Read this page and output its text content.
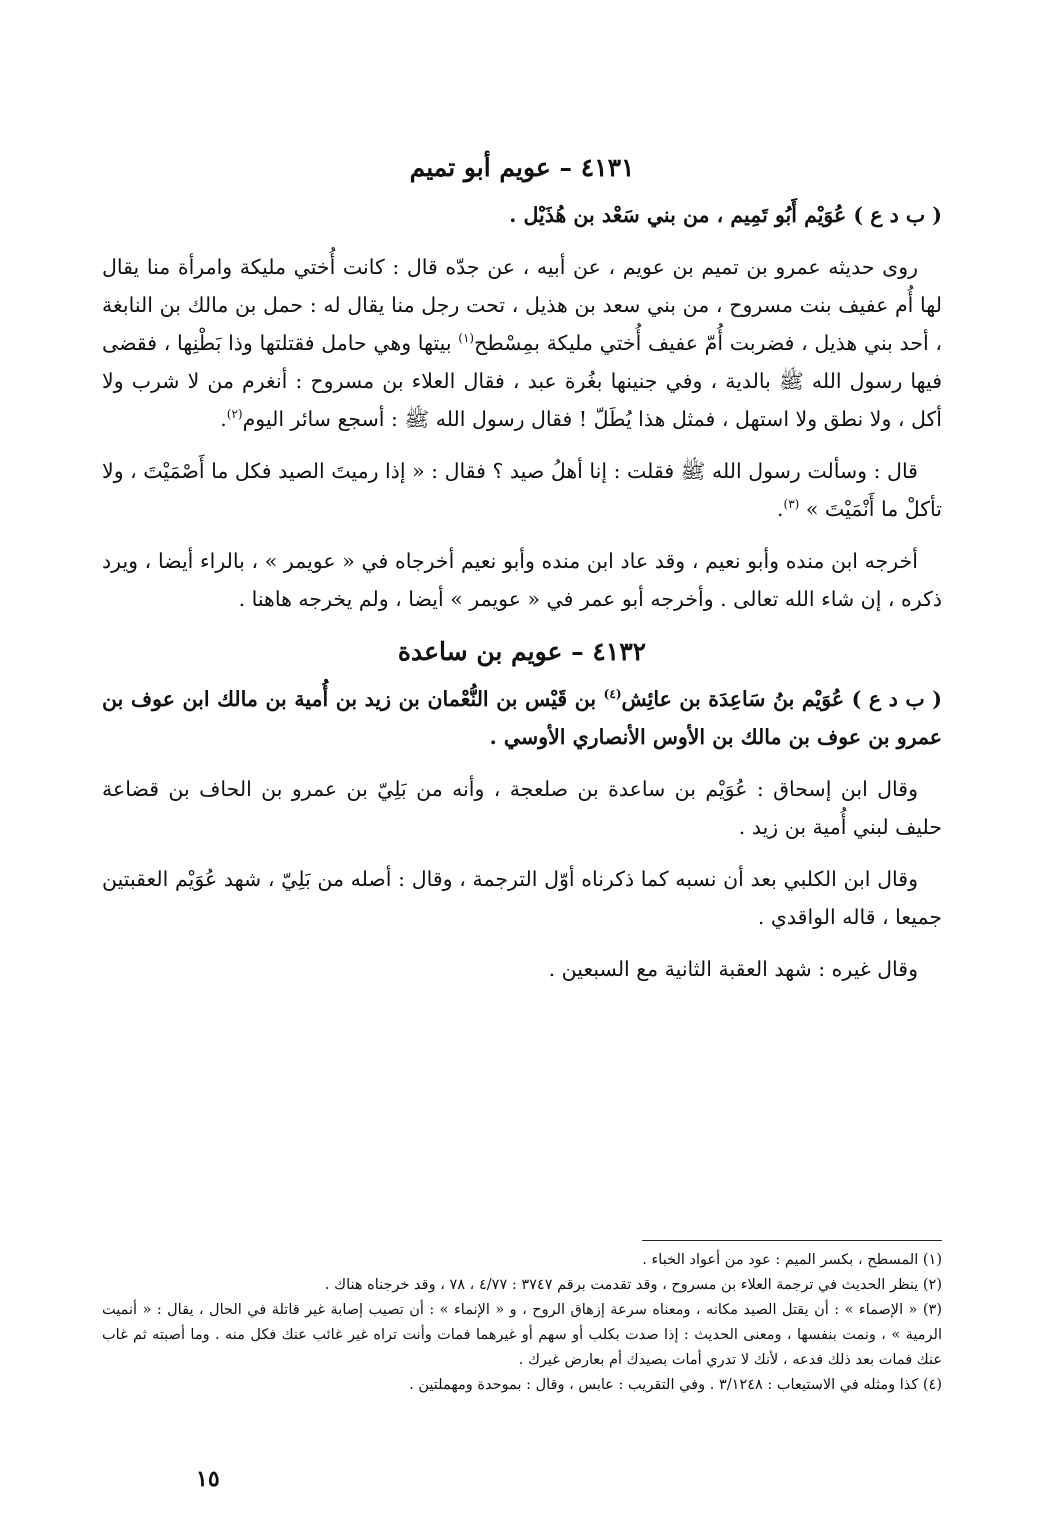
٤١٣١ – عويم أبو تميم

( ب د ع ) عُوَيْم أَبُو تَمِيم ، من بني سَعْد بن هُذَيْل .

روى حديثه عمرو بن تميم بن عويم ، عن أبيه ، عن جدّه قال : كانت أُختي مليكة وامرأة منا يقال لها أُم عفيف بنت مسروح ، من بني سعد بن هذيل ، تحت رجل منا يقال له : حمل بن مالك بن النابغة ، أحد بني هذيل ، فضربت أُمّ عفيف أُختي مليكة بمِسْطح$^{(١)}$ بيتها وهي حامل فقتلتها وذا بَطْنِها ، فقضى فيها رسول الله ﷺ بالدية ، وفي جنينها بغُرة عبد ، فقال العلاء بن مسروح : أنغرم من لا شرب ولا أكل ، ولا نطق ولا استهل ، فمثل هذا يُطَلّ ! فقال رسول الله ﷺ : أسجع سائر اليوم$^{(٢)}$.

قال : وسألت رسول الله ﷺ فقلت : إنا أهلُ صيد ؟ فقال : « إذا رميتَ الصيد فكل ما أَصْمَيْتَ ، ولا تأكلْ ما أَنْمَيْتَ » $^{(٣)}$.

أخرجه ابن منده وأبو نعيم ، وقد عاد ابن منده وأبو نعيم أخرجاه في « عويمر » ، بالراء أيضا ، ويرد ذكره ، إن شاء الله تعالى . وأخرجه أبو عمر في « عويمر » أيضا ، ولم يخرجه هاهنا .

٤١٣٢ – عويم بن ساعدة

( ب د ع ) عُوَيْم بنُ سَاعِدَة بن عائِش$^{(٤)}$ بن قَيْس بن النُّعْمان بن زيد بن أُمية بن مالك ابن عوف بن عمرو بن عوف بن مالك بن الأوس الأنصاري الأوسي .

وقال ابن إسحاق : عُوَيْم بن ساعدة بن صلعجة ، وأنه من بَلِيّ بن عمرو بن الحاف بن قضاعة حليف لبني أُمية بن زيد .

وقال ابن الكلبي بعد أن نسبه كما ذكرناه أوّل الترجمة ، وقال : أصله من بَلِيّ ، شهد عُوَيْم العقبتين جميعا ، قاله الواقدي .

وقال غيره : شهد العقبة الثانية مع السبعين .

(١) المسطح ، بكسر الميم : عود من أعواد الخباء .
(٢) ينظر الحديث في ترجمة العلاء بن مسروح ، وقد تقدمت برقم ٣٧٤٧ : ٤/٧٧ ، ٧٨ ، وقد خرجناه هناك .
(٣) « الإصماء » : أن يقتل الصيد مكانه ، ومعناه سرعة إزهاق الروح ، و « الإنماء » : أن تصيب إصابة غير قاتلة في الحال ، يقال : « أنميت الرمية » ، ونمت بنفسها ، ومعنى الحديث : إذا صدت بكلب أو سهم أو غيرهما فمات وأنت تراه غير غائب عنك فكل منه . وما أصبته ثم غاب عنك فمات بعد ذلك فدعه ، لأنك لا تدري أمات بصيدك أم بعارض غيرك .
(٤) كذا ومثله في الاستيعاب : ٣/١٢٤٨ . وفي التقريب : عابس ، وقال : بموحدة ومهملتين .
١٥
